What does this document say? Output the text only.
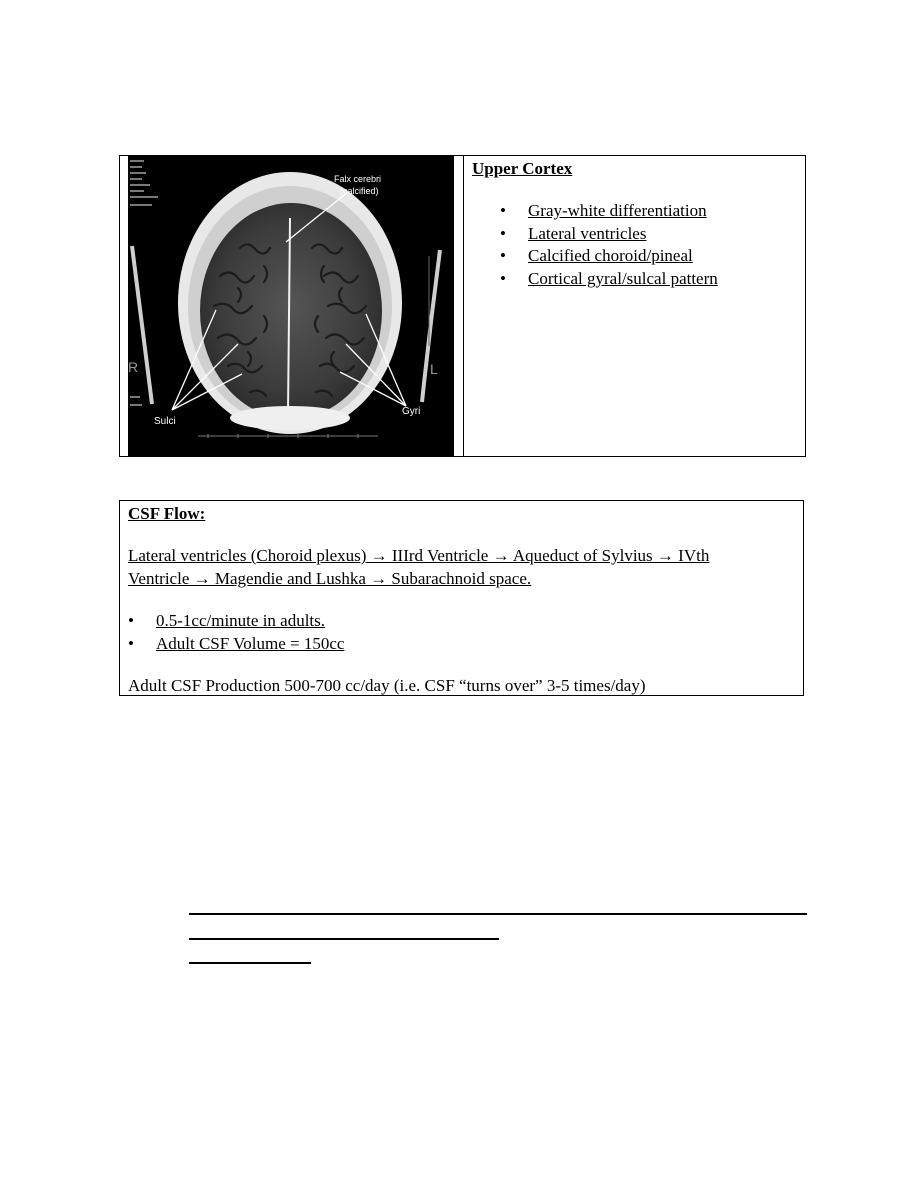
Falx cerebri
(calcified)
Sulci
Gyri
R	L

Upper Cortex

• Gray-white differentiation
• Lateral ventricles
• Calcified choroid/pineal
• Cortical gyral/sulcal pattern

CSF Flow:

Lateral ventricles (Choroid plexus) → IIIrd Ventricle → Aqueduct of Sylvius → IVth
Ventricle → Magendie and Lushka → Subarachnoid space.

• 0.5-1cc/minute in adults.
• Adult CSF Volume = 150cc

Adult CSF Production 500-700 cc/day (i.e. CSF “turns over” 3-5 times/day)
